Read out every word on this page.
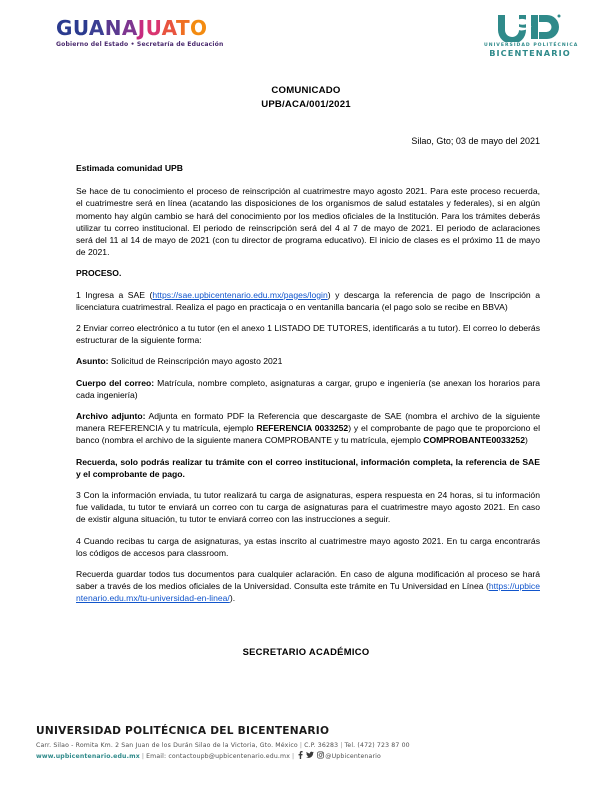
GUANAJUATO
Gobierno del Estado • Secretaría de Educación	UNIVERSIDAD POLITÉCNICA
BICENTENARIO
COMUNICADO
UPB/ACA/001/2021
Silao, Gto; 03 de mayo del 2021

Estimada comunidad UPB

Se hace de tu conocimiento el proceso de reinscripción al cuatrimestre mayo agosto 2021. Para este proceso recuerda, el cuatrimestre será en línea (acatando las disposiciones de los organismos de salud estatales y federales), si en algún momento hay algún cambio se hará del conocimiento por los medios oficiales de la Institución. Para los trámites deberás utilizar tu correo institucional. El periodo de reinscripción será del 4 al 7 de mayo de 2021. El periodo de aclaraciones será del 11 al 14 de mayo de 2021 (con tu director de programa educativo). El inicio de clases es el próximo 11 de mayo de 2021.

PROCESO.

1 Ingresa a SAE (https://sae.upbicentenario.edu.mx/pages/login) y descarga la referencia de pago de Inscripción a licenciatura cuatrimestral. Realiza el pago en practicaja o en ventanilla bancaria (el pago solo se recibe en BBVA)

2 Enviar correo electrónico a tu tutor (en el anexo 1 LISTADO DE TUTORES, identificarás a tu tutor). El correo lo deberás estructurar de la siguiente forma:

Asunto: Solicitud de Reinscripción mayo agosto 2021

Cuerpo del correo: Matrícula, nombre completo, asignaturas a cargar, grupo e ingeniería (se anexan los horarios para cada ingeniería)

Archivo adjunto: Adjunta en formato PDF la Referencia que descargaste de SAE (nombra el archivo de la siguiente manera REFERENCIA y tu matrícula, ejemplo REFERENCIA 0033252) y el comprobante de pago que te proporciono el banco (nombra el archivo de la siguiente manera COMPROBANTE y tu matrícula, ejemplo COMPROBANTE0033252)

Recuerda, solo podrás realizar tu trámite con el correo institucional, información completa, la referencia de SAE y el comprobante de pago.

3 Con la información enviada, tu tutor realizará tu carga de asignaturas, espera respuesta en 24 horas, si tu información fue validada, tu tutor te enviará un correo con tu carga de asignaturas para el cuatrimestre mayo agosto 2021. En caso de existir alguna situación, tu tutor te enviará correo con las instrucciones a seguir.

4 Cuando recibas tu carga de asignaturas, ya estas inscrito al cuatrimestre mayo agosto 2021. En tu carga encontrarás los códigos de accesos para classroom.

Recuerda guardar todos tus documentos para cualquier aclaración. En caso de alguna modificación al proceso se hará saber a través de los medios oficiales de la Universidad. Consulta este trámite en Tu Universidad en Línea (https://upbicentenario.edu.mx/tu-universidad-en-linea/).

SECRETARIO ACADÉMICO
UNIVERSIDAD POLITÉCNICA DEL BICENTENARIO
Carr. Silao - Romita Km. 2 San Juan de los Durán Silao de la Victoria, Gto. México | C.P. 36283 | Tel. (472) 723 87 00
www.upbicentenario.edu.mx | Email: contactoupb@upbicentenario.edu.mx |	@Upbicentenario
